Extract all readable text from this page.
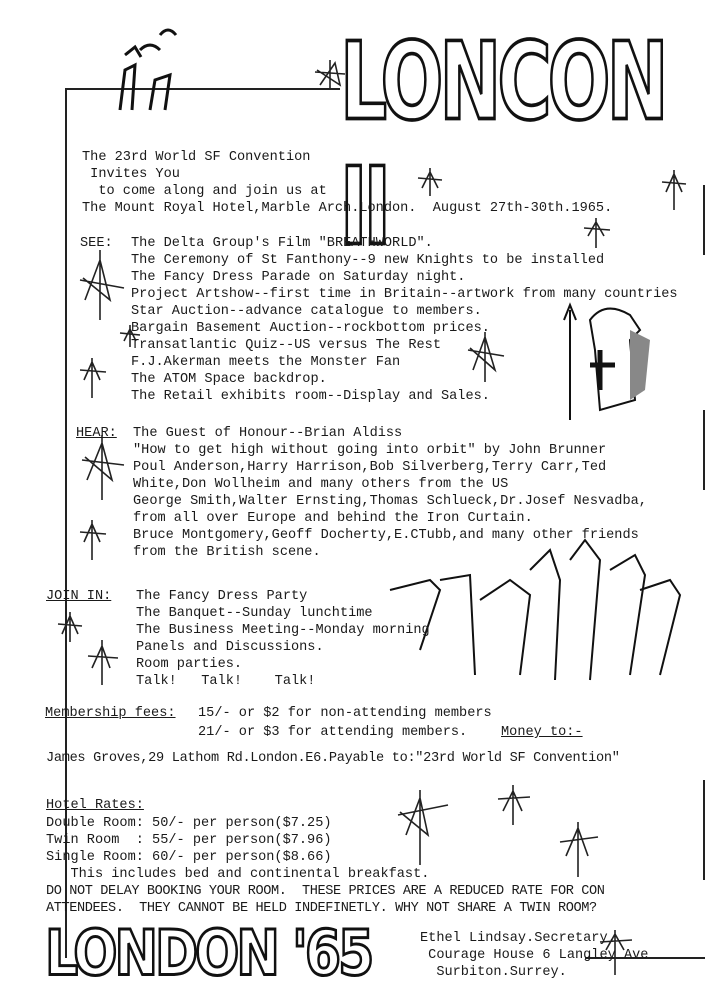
LONCON II
The 23rd World SF Convention
Invites You
to come along and join us at
The Mount Royal Hotel,Marble Arch.London.  August 27th-30th.1965.
SEE: The Delta Group's Film "BREATHWORLD".
The Ceremony of St Fanthony--9 new Knights to be installed
The Fancy Dress Parade on Saturday night.
Project Artshow--first time in Britain--artwork from many countries
Star Auction--advance catalogue to members.
Bargain Basement Auction--rockbottom prices.
Transatlantic Quiz--US versus The Rest
F.J.Akerman meets the Monster Fan
The ATOM Space backdrop.
The Retail exhibits room--Display and Sales.
HEAR: The Guest of Honour--Brian Aldiss
"How to get high without going into orbit" by John Brunner
Poul Anderson,Harry Harrison,Bob Silverberg,Terry Carr,Ted
White,Don Wollheim and many others from the US
George Smith,Walter Ernsting,Thomas Schlueck,Dr.Josef Nesvadba,
from all over Europe and behind the Iron Curtain.
Bruce Montgomery,Geoff Docherty,E.CTubb,and many other friends
from the British scene.
JOIN IN: The Fancy Dress Party
The Banquet--Sunday lunchtime
The Business Meeting--Monday morning
Panels and Discussions.
Room parties.
Talk!   Talk!    Talk!
Membership fees: 15/- or $2 for non-attending members
21/- or $3 for attending members. Money to:-
James Groves,29 Lathom Rd.London.E6.Payable to:"23rd World SF Convention"
Hotel Rates:
Double Room: 50/- per person($7.25)
Twin Room  : 55/- per person($7.96)
Single Room: 60/- per person($8.66)
This includes bed and continental breakfast.
DO NOT DELAY BOOKING YOUR ROOM.  THESE PRICES ARE A REDUCED RATE FOR CON
ATTENDEES.  THEY CANNOT BE HELD INDEFINETLY. WHY NOT SHARE A TWIN ROOM?
LONDON '65	Ethel Lindsay.Secretary.
Courage House 6 Langley Ave
Surbiton.Surrey.
